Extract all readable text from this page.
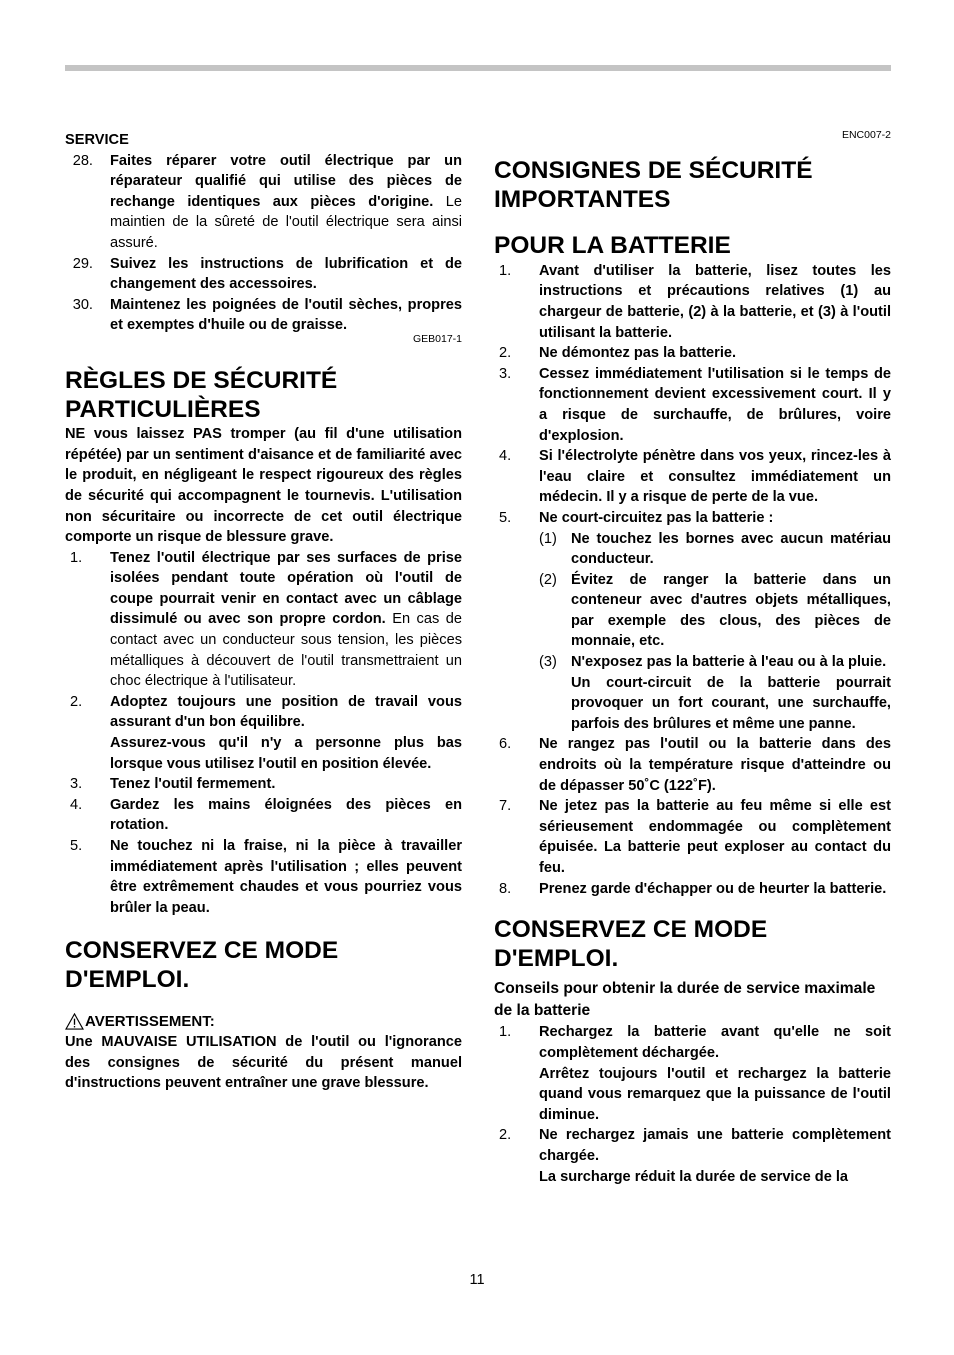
SERVICE
28.	Faites réparer votre outil électrique par un réparateur qualifié qui utilise des pièces de rechange identiques aux pièces d'origine. Le maintien de la sûreté de l'outil électrique sera ainsi assuré.
29.	Suivez les instructions de lubrification et de changement des accessoires.
30.	Maintenez les poignées de l'outil sèches, propres et exemptes d'huile ou de graisse.
GEB017-1
RÈGLES DE SÉCURITÉ PARTICULIÈRES
NE vous laissez PAS tromper (au fil d'une utilisation répétée) par un sentiment d'aisance et de familiarité avec le produit, en négligeant le respect rigoureux des règles de sécurité qui accompagnent le tournevis. L'utilisation non sécuritaire ou incorrecte de cet outil électrique comporte un risque de blessure grave.
1.	Tenez l'outil électrique par ses surfaces de prise isolées pendant toute opération où l'outil de coupe pourrait venir en contact avec un câblage dissimulé ou avec son propre cordon. En cas de contact avec un conducteur sous tension, les pièces métalliques à découvert de l'outil transmettraient un choc électrique à l'utilisateur.
2.	Adoptez toujours une position de travail vous assurant d'un bon équilibre.
Assurez-vous qu'il n'y a personne plus bas lorsque vous utilisez l'outil en position élevée.
3.	Tenez l'outil fermement.
4.	Gardez les mains éloignées des pièces en rotation.
5.	Ne touchez ni la fraise, ni la pièce à travailler immédiatement après l'utilisation ; elles peuvent être extrêmement chaudes et vous pourriez vous brûler la peau.
CONSERVEZ CE MODE D'EMPLOI.
AVERTISSEMENT:
Une MAUVAISE UTILISATION de l'outil ou l'ignorance des consignes de sécurité du présent manuel d'instructions peuvent entraîner une grave blessure.
ENC007-2
CONSIGNES DE SÉCURITÉ IMPORTANTES
POUR LA BATTERIE
1.	Avant d'utiliser la batterie, lisez toutes les instructions et précautions relatives (1) au chargeur de batterie, (2) à la batterie, et (3) à l'outil utilisant la batterie.
2.	Ne démontez pas la batterie.
3.	Cessez immédiatement l'utilisation si le temps de fonctionnement devient excessivement court. Il y a risque de surchauffe, de brûlures, voire d'explosion.
4.	Si l'électrolyte pénètre dans vos yeux, rincez-les à l'eau claire et consultez immédiatement un médecin. Il y a risque de perte de la vue.
5.	Ne court-circuitez pas la batterie :
(1) Ne touchez les bornes avec aucun matériau conducteur.
(2) Évitez de ranger la batterie dans un conteneur avec d'autres objets métalliques, par exemple des clous, des pièces de monnaie, etc.
(3) N'exposez pas la batterie à l'eau ou à la pluie.
Un court-circuit de la batterie pourrait provoquer un fort courant, une surchauffe, parfois des brûlures et même une panne.
6.	Ne rangez pas l'outil ou la batterie dans des endroits où la température risque d'atteindre ou de dépasser 50˚C (122˚F).
7.	Ne jetez pas la batterie au feu même si elle est sérieusement endommagée ou complètement épuisée. La batterie peut exploser au contact du feu.
8.	Prenez garde d'échapper ou de heurter la batterie.
CONSERVEZ CE MODE D'EMPLOI.
Conseils pour obtenir la durée de service maximale de la batterie
1.	Rechargez la batterie avant qu'elle ne soit complètement déchargée.
Arrêtez toujours l'outil et rechargez la batterie quand vous remarquez que la puissance de l'outil diminue.
2.	Ne rechargez jamais une batterie complètement chargée.
La surcharge réduit la durée de service de la
11
